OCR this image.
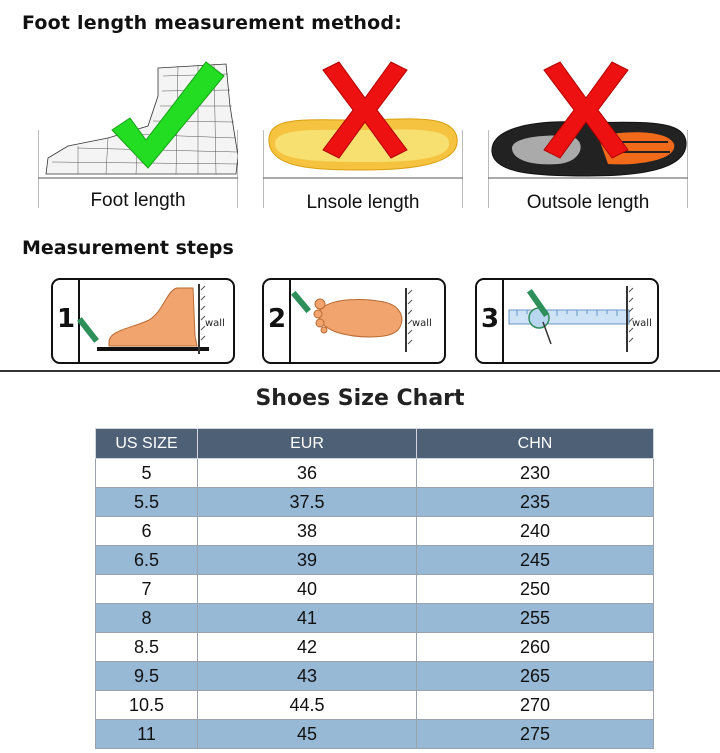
Foot length measurement method:
Foot length	Lnsole length	Outsole length
Measurement steps
1	wall 2	wall 3	wall
Shoes Size Chart
US SIZE	EUR	CHN
5	36	230
5.5	37.5	235
6	38	240
6.5	39	245
7	40	250
8	41	255
8.5	42	260
9.5	43	265
10.5	44.5	270
11	45	275
